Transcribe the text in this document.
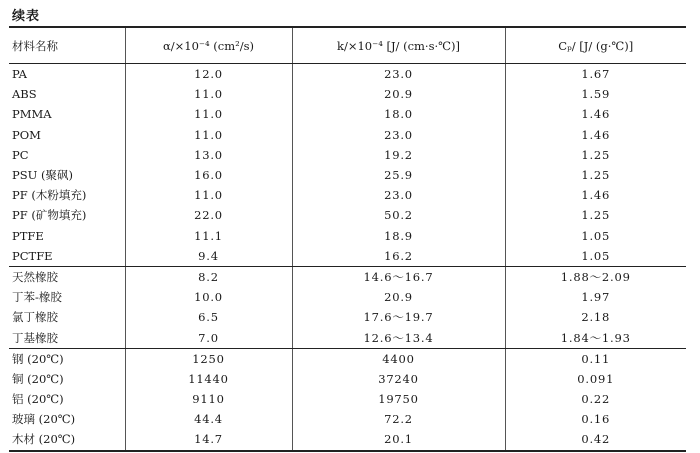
续表
材料名称	α/×10⁻⁴ (cm²/s)	k/×10⁻⁴ [J/ (cm·s·℃)]	Cₚ/ [J/ (g·℃)]
PA	12.0	23.0	1.67
ABS	11.0	20.9	1.59
PMMA	11.0	18.0	1.46
POM	11.0	23.0	1.46
PC	13.0	19.2	1.25
PSU (聚砜)	16.0	25.9	1.25
PF (木粉填充)	11.0	23.0	1.46
PF (矿物填充)	22.0	50.2	1.25
PTFE	11.1	18.9	1.05
PCTFE	9.4	16.2	1.05
天然橡胶	8.2	14.6～16.7	1.88～2.09
丁苯-橡胶	10.0	20.9	1.97
氯丁橡胶	6.5	17.6～19.7	2.18
丁基橡胶	7.0	12.6～13.4	1.84～1.93
钢 (20℃)	1250	4400	0.11
铜 (20℃)	11440	37240	0.091
铝 (20℃)	9110	19750	0.22
玻璃 (20℃)	44.4	72.2	0.16
木材 (20℃)	14.7	20.1	0.42
